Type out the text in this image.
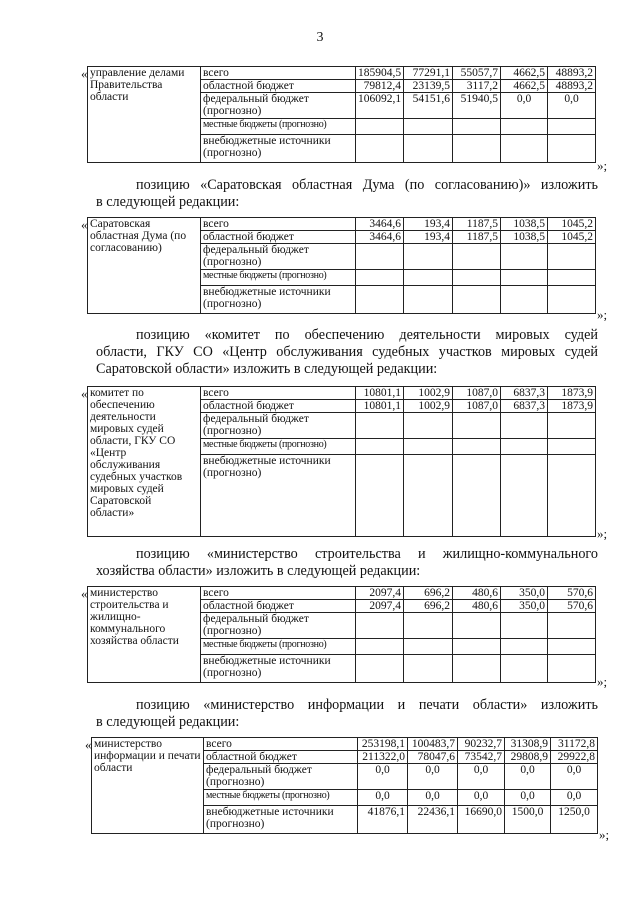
3
« управление делами Правительства области	всего	185904,5	77291,1	55057,7	4662,5	48893,2
	областной бюджет	79812,4	23139,5	3117,2	4662,5	48893,2
	федеральный бюджет (прогнозно)	106092,1	54151,6	51940,5	0,0	0,0
	местные бюджеты (прогнозно)					
	внебюджетные источники (прогнозно)					
»;
позицию «Саратовская областная Дума (по согласованию)» изложить
в следующей редакции:
« Саратовская областная Дума (по согласованию)	всего	3464,6	193,4	1187,5	1038,5	1045,2
	областной бюджет	3464,6	193,4	1187,5	1038,5	1045,2
	федеральный бюджет (прогнозно)					
	местные бюджеты (прогнозно)					
	внебюджетные источники (прогнозно)					
»;
позицию «комитет по обеспечению деятельности мировых судей
области, ГКУ СО «Центр обслуживания судебных участков мировых судей
Саратовской области» изложить в следующей редакции:
« комитет по обеспечению деятельности мировых судей области, ГКУ СО «Центр обслуживания судебных участков мировых судей Саратовской области»	всего	10801,1	1002,9	1087,0	6837,3	1873,9
	областной бюджет	10801,1	1002,9	1087,0	6837,3	1873,9
	федеральный бюджет (прогнозно)					
	местные бюджеты (прогнозно)					
	внебюджетные источники (прогнозно)					
»;
позицию «министерство строительства и жилищно-коммунального
хозяйства области» изложить в следующей редакции:
« министерство строительства и жилищно-коммунального хозяйства области	всего	2097,4	696,2	480,6	350,0	570,6
	областной бюджет	2097,4	696,2	480,6	350,0	570,6
	федеральный бюджет (прогнозно)					
	местные бюджеты (прогнозно)					
	внебюджетные источники (прогнозно)					
»;
позицию «министерство информации и печати области» изложить
в следующей редакции:
« министерство информации и печати области	всего	253198,1	100483,7	90232,7	31308,9	31172,8
	областной бюджет	211322,0	78047,6	73542,7	29808,9	29922,8
	федеральный бюджет (прогнозно)	0,0	0,0	0,0	0,0	0,0
	местные бюджеты (прогнозно)	0,0	0,0	0,0	0,0	0,0
	внебюджетные источники (прогнозно)	41876,1	22436,1	16690,0	1500,0	1250,0
»;
